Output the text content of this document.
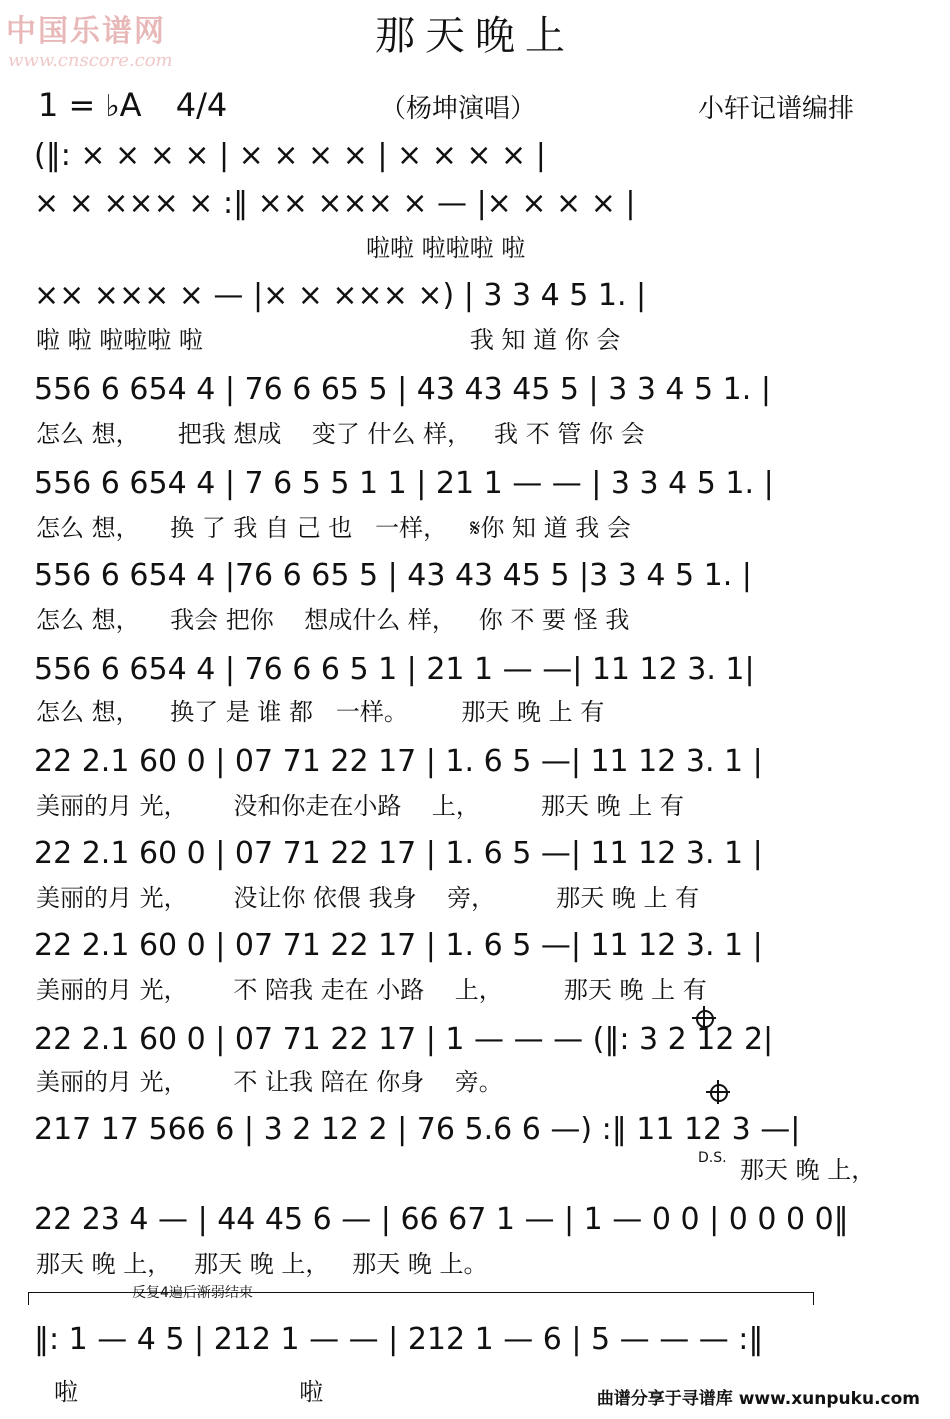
中国乐谱网
www.cnscore.com
那天晚上
1 = ♭A 4/4	（杨坤演唱）	小轩记谱编排
(‖: × × × × | × × × × | × × × × |
× × ××× × :‖ ×× ××× × — |× × × × |
啦啦 啦啦啦 啦
×× ××× × — |× × ××× ×) | 3 3 4 5 1. |
啦 啦 啦啦啦 啦                                   我 知 道 你 会
556 6 654 4 | 76 6 65 5 | 43 43 45 5 | 3 3 4 5 1. |
怎么 想，     把我 想成    变了 什么 样，   我 不 管 你 会
556 6 654 4 | 7 6 5 5 1 1 | 21 1 — — | 3 3 4 5 1. |
怎么 想，    换 了 我 自 己 也   一样，   𝄋你 知 道 我 会
556 6 654 4 |76 6 65 5 | 43 43 45 5 |3 3 4 5 1. |
怎么 想，    我会 把你    想成什么 样，   你 不 要 怪 我
556 6 654 4 | 76 6 6 5 1 | 21 1 — —| 11 12 3. 1|
怎么 想，    换了 是 谁 都   一样。       那天 晚 上 有
22 2.1 60 0 | 07 71 22 17 | 1. 6 5 —| 11 12 3. 1 |
美丽的月 光，      没和你走在小路    上，        那天 晚 上 有
22 2.1 60 0 | 07 71 22 17 | 1. 6 5 —| 11 12 3. 1 |
美丽的月 光，      没让你 依偎 我身    旁，        那天 晚 上 有
22 2.1 60 0 | 07 71 22 17 | 1. 6 5 —| 11 12 3. 1 |
美丽的月 光，      不 陪我 走在 小路    上，        那天 晚 上 有
22 2.1 60 0 | 07 71 22 17 | 1 — — — (‖: 3 2 12 2|
美丽的月 光，      不 让我 陪在 你身    旁。
217 17 566 6 | 3 2 12 2 | 76 5.6 6 —) :‖ 11 12 3 —|
D.S. 那天 晚 上，
22 23 4 — | 44 45 6 — | 66 67 1 — | 1 — 0 0 | 0 0 0 0‖
那天 晚 上，   那天 晚 上，   那天 晚 上。
反复4遍后渐弱结束
‖: 1 — 4 5 | 212 1 — — | 212 1 — 6 | 5 — — — :‖
啦                             啦	曲谱分享于寻谱库 www.xunpuku.com
